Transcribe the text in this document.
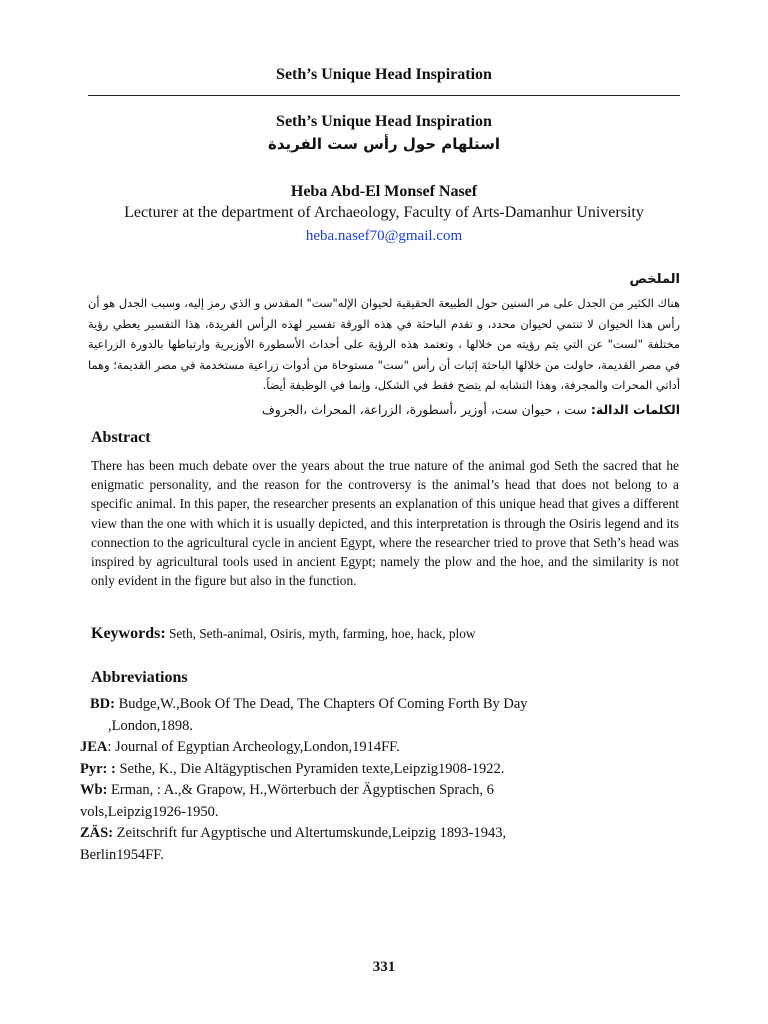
Seth’s Unique Head Inspiration
Seth’s Unique Head Inspiration
استلهام حول رأس ست الفريدة
Heba Abd-El Monsef Nasef
Lecturer at the department of Archaeology, Faculty of Arts-Damanhur University
heba.nasef70@gmail.com
الملخص
هناك الكثير من الجدل على مر السنين حول الطبيعة الحقيقية لحيوان الإله"ست" المقدس و الذي رمز إليه، وسبب الجدل هو أن رأس هذا الحيوان لا تنتمي لحيوان محدد، و تقدم الباحثة في هذه الورقة تفسير لهذه الرأس الفريدة، هذا التفسير يعطي رؤية مختلفة "لست" عن التي يتم رؤيته من خلالها ، وتعتمد هذه الرؤية على أحداث الأسطورة الأوزيرية وارتباطها بالدورة الزراعية في مصر القديمة، حاولت من خلالها الباحثة إثبات أن رأس "ست" مستوحاة من أدوات زراعية مستخدمة في مصر القديمة؛ وهما أداتي المحرات والمجرفة، وهذا التشابه لم يتضح فقط في الشكل، وإنما في الوظيفة أيضاً.
الكلمات الدالة: ست ، حيوان ست، أوزير ،أسطورة، الزراعة، المحراث ،الجروف
Abstract
There has been much debate over the years about the true nature of the animal god Seth the sacred that he enigmatic personality, and the reason for the controversy is the animal’s head that does not belong to a specific animal. In this paper, the researcher presents an explanation of this unique head that gives a different view than the one with which it is usually depicted, and this interpretation is through the Osiris legend and its connection to the agricultural cycle in ancient Egypt, where the researcher tried to prove that Seth’s head was inspired by agricultural tools used in ancient Egypt; namely the plow and the hoe, and the similarity is not only evident in the figure but also in the function.
Keywords: Seth, Seth-animal, Osiris, myth, farming, hoe, hack, plow
Abbreviations

BD: Budge,W.,Book Of The Dead, The Chapters Of Coming Forth By Day
,London,1898.

JEA: Journal of Egyptian Archeology,London,1914FF.

Pyr: : Sethe, K., Die Altägyptischen Pyramiden texte,Leipzig1908-1922.

Wb: Erman, : A.,& Grapow, H.,Wörterbuch der Ägyptischen Sprach, 6
vols,Leipzig1926-1950.

ZÄS: Zeitschrift fur Agyptische und Altertumskunde,Leipzig 1893-1943,
Berlin1954FF.

331
